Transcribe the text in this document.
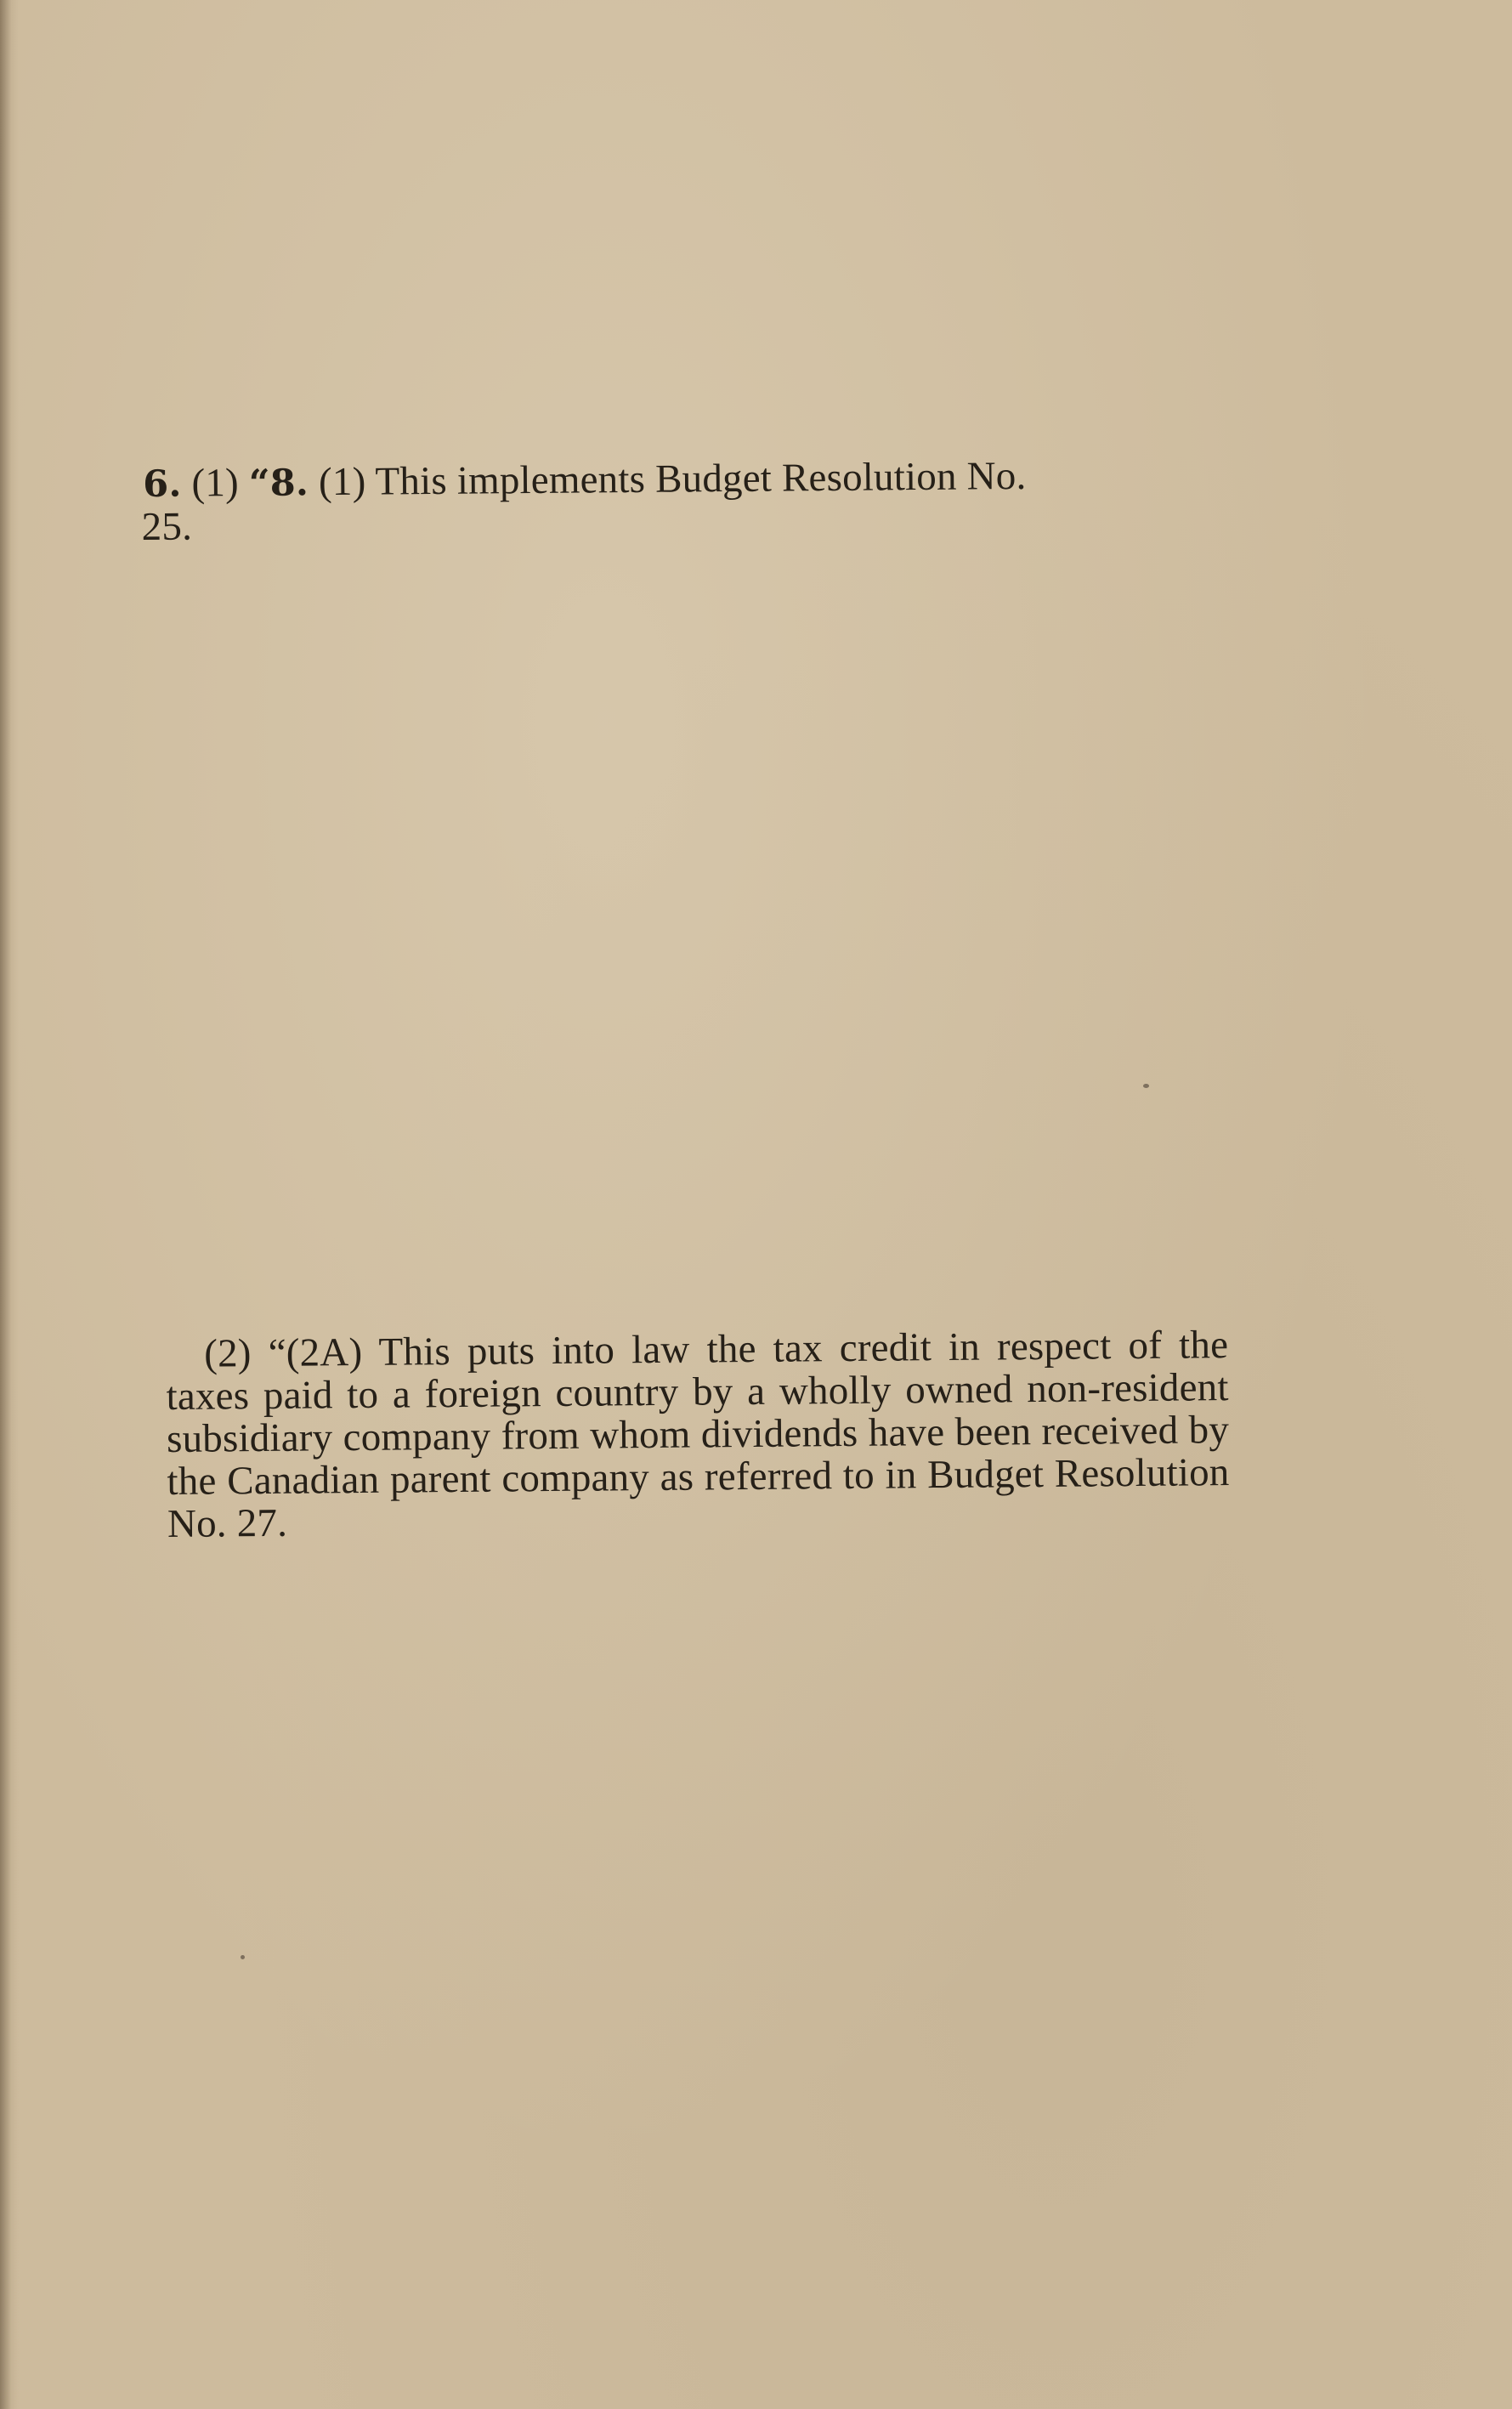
6. (1) “8. (1) This implements Budget Resolution No.
25.
(2) “(2A) This puts into law the tax credit in respect of the taxes paid to a foreign country by a wholly owned non-resident subsidiary company from whom dividends have been received by the Canadian parent company as referred to in Budget Resolution No. 27.
